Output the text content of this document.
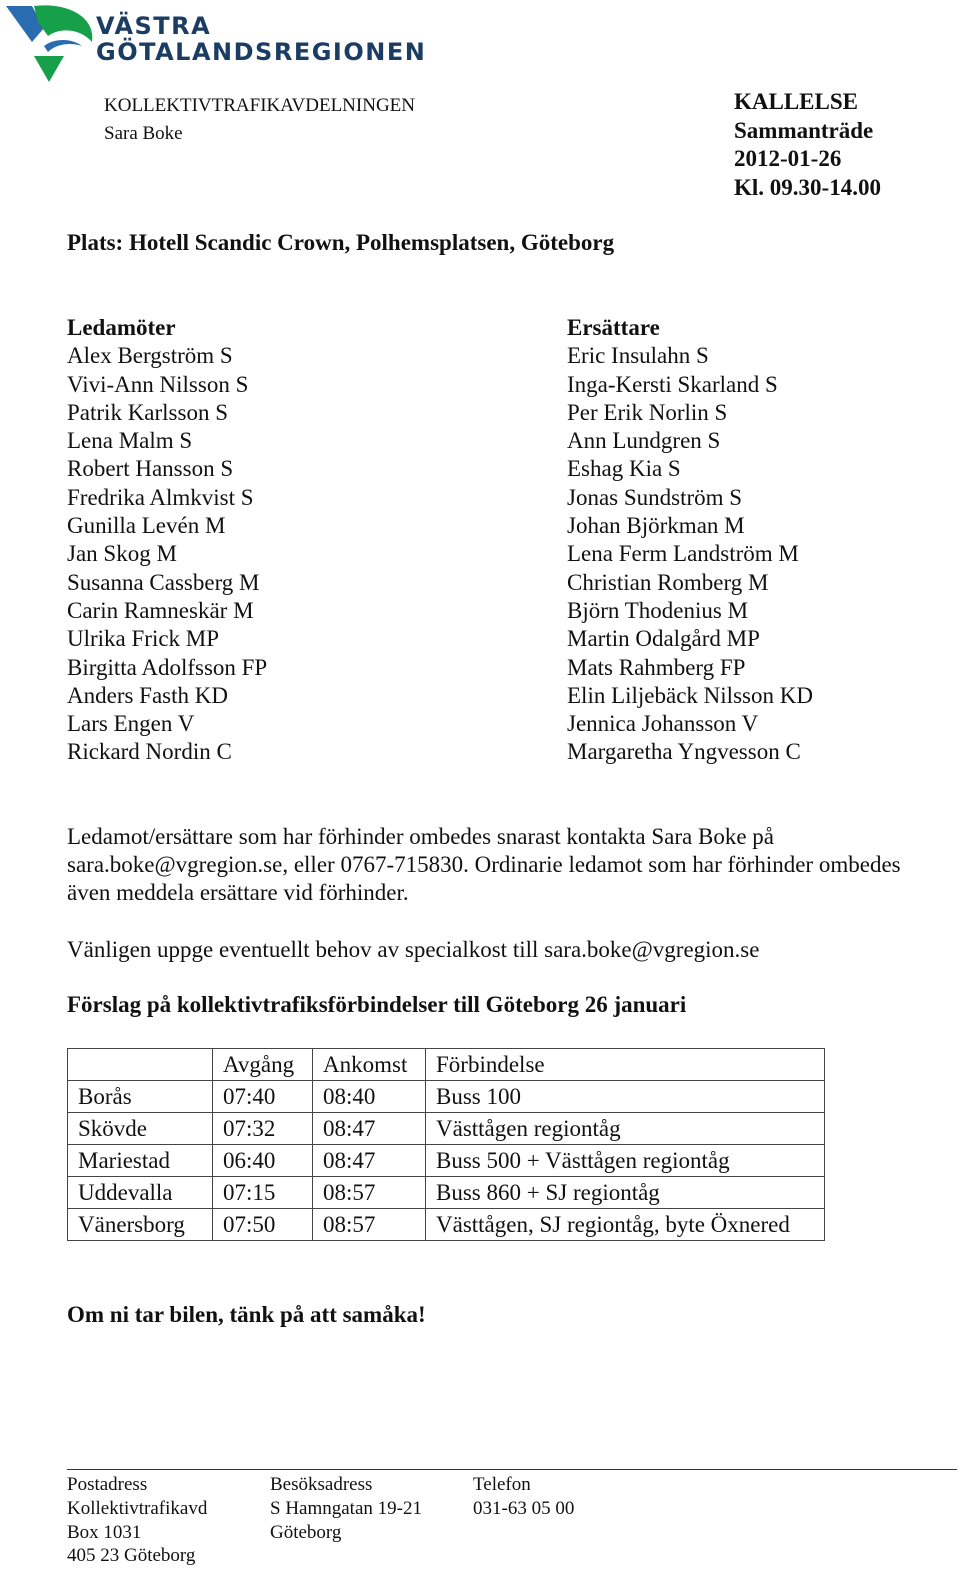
VÄSTRA
GÖTALANDSREGIONEN
KOLLEKTIVTRAFIKAVDELNINGEN
Sara Boke
KALLELSE
Sammanträde
2012-01-26
Kl. 09.30-14.00
Plats: Hotell Scandic Crown, Polhemsplatsen, Göteborg
Ledamöter
Alex Bergström S
Vivi-Ann Nilsson S
Patrik Karlsson S
Lena Malm S
Robert Hansson S
Fredrika Almkvist S
Gunilla Levén M
Jan Skog M
Susanna Cassberg M
Carin Ramneskär M
Ulrika Frick MP
Birgitta Adolfsson FP
Anders Fasth KD
Lars Engen V
Rickard Nordin C
Ersättare
Eric Insulahn S
Inga-Kersti Skarland S
Per Erik Norlin S
Ann Lundgren S
Eshag Kia S
Jonas Sundström S
Johan Björkman M
Lena Ferm Landström M
Christian Romberg M
Björn Thodenius M
Martin Odalgård MP
Mats Rahmberg FP
Elin Liljebäck Nilsson KD
Jennica Johansson V
Margaretha Yngvesson C
Ledamot/ersättare som har förhinder ombedes snarast kontakta Sara Boke på
sara.boke@vgregion.se, eller 0767-715830. Ordinarie ledamot som har förhinder ombedes
även meddela ersättare vid förhinder.
Vänligen uppge eventuellt behov av specialkost till sara.boke@vgregion.se
Förslag på kollektivtrafiksförbindelser till Göteborg 26 januari
	Avgång	Ankomst	Förbindelse
Borås	07:40	08:40	Buss 100
Skövde	07:32	08:47	Västtågen regiontåg
Mariestad	06:40	08:47	Buss 500 + Västtågen regiontåg
Uddevalla	07:15	08:57	Buss 860 + SJ regiontåg
Vänersborg	07:50	08:57	Västtågen, SJ regiontåg, byte Öxnered
Om ni tar bilen, tänk på att samåka!
Postadress
Kollektivtrafikavd
Box 1031
405 23 Göteborg
Besöksadress
S Hamngatan 19-21
Göteborg
Telefon
031-63 05 00
